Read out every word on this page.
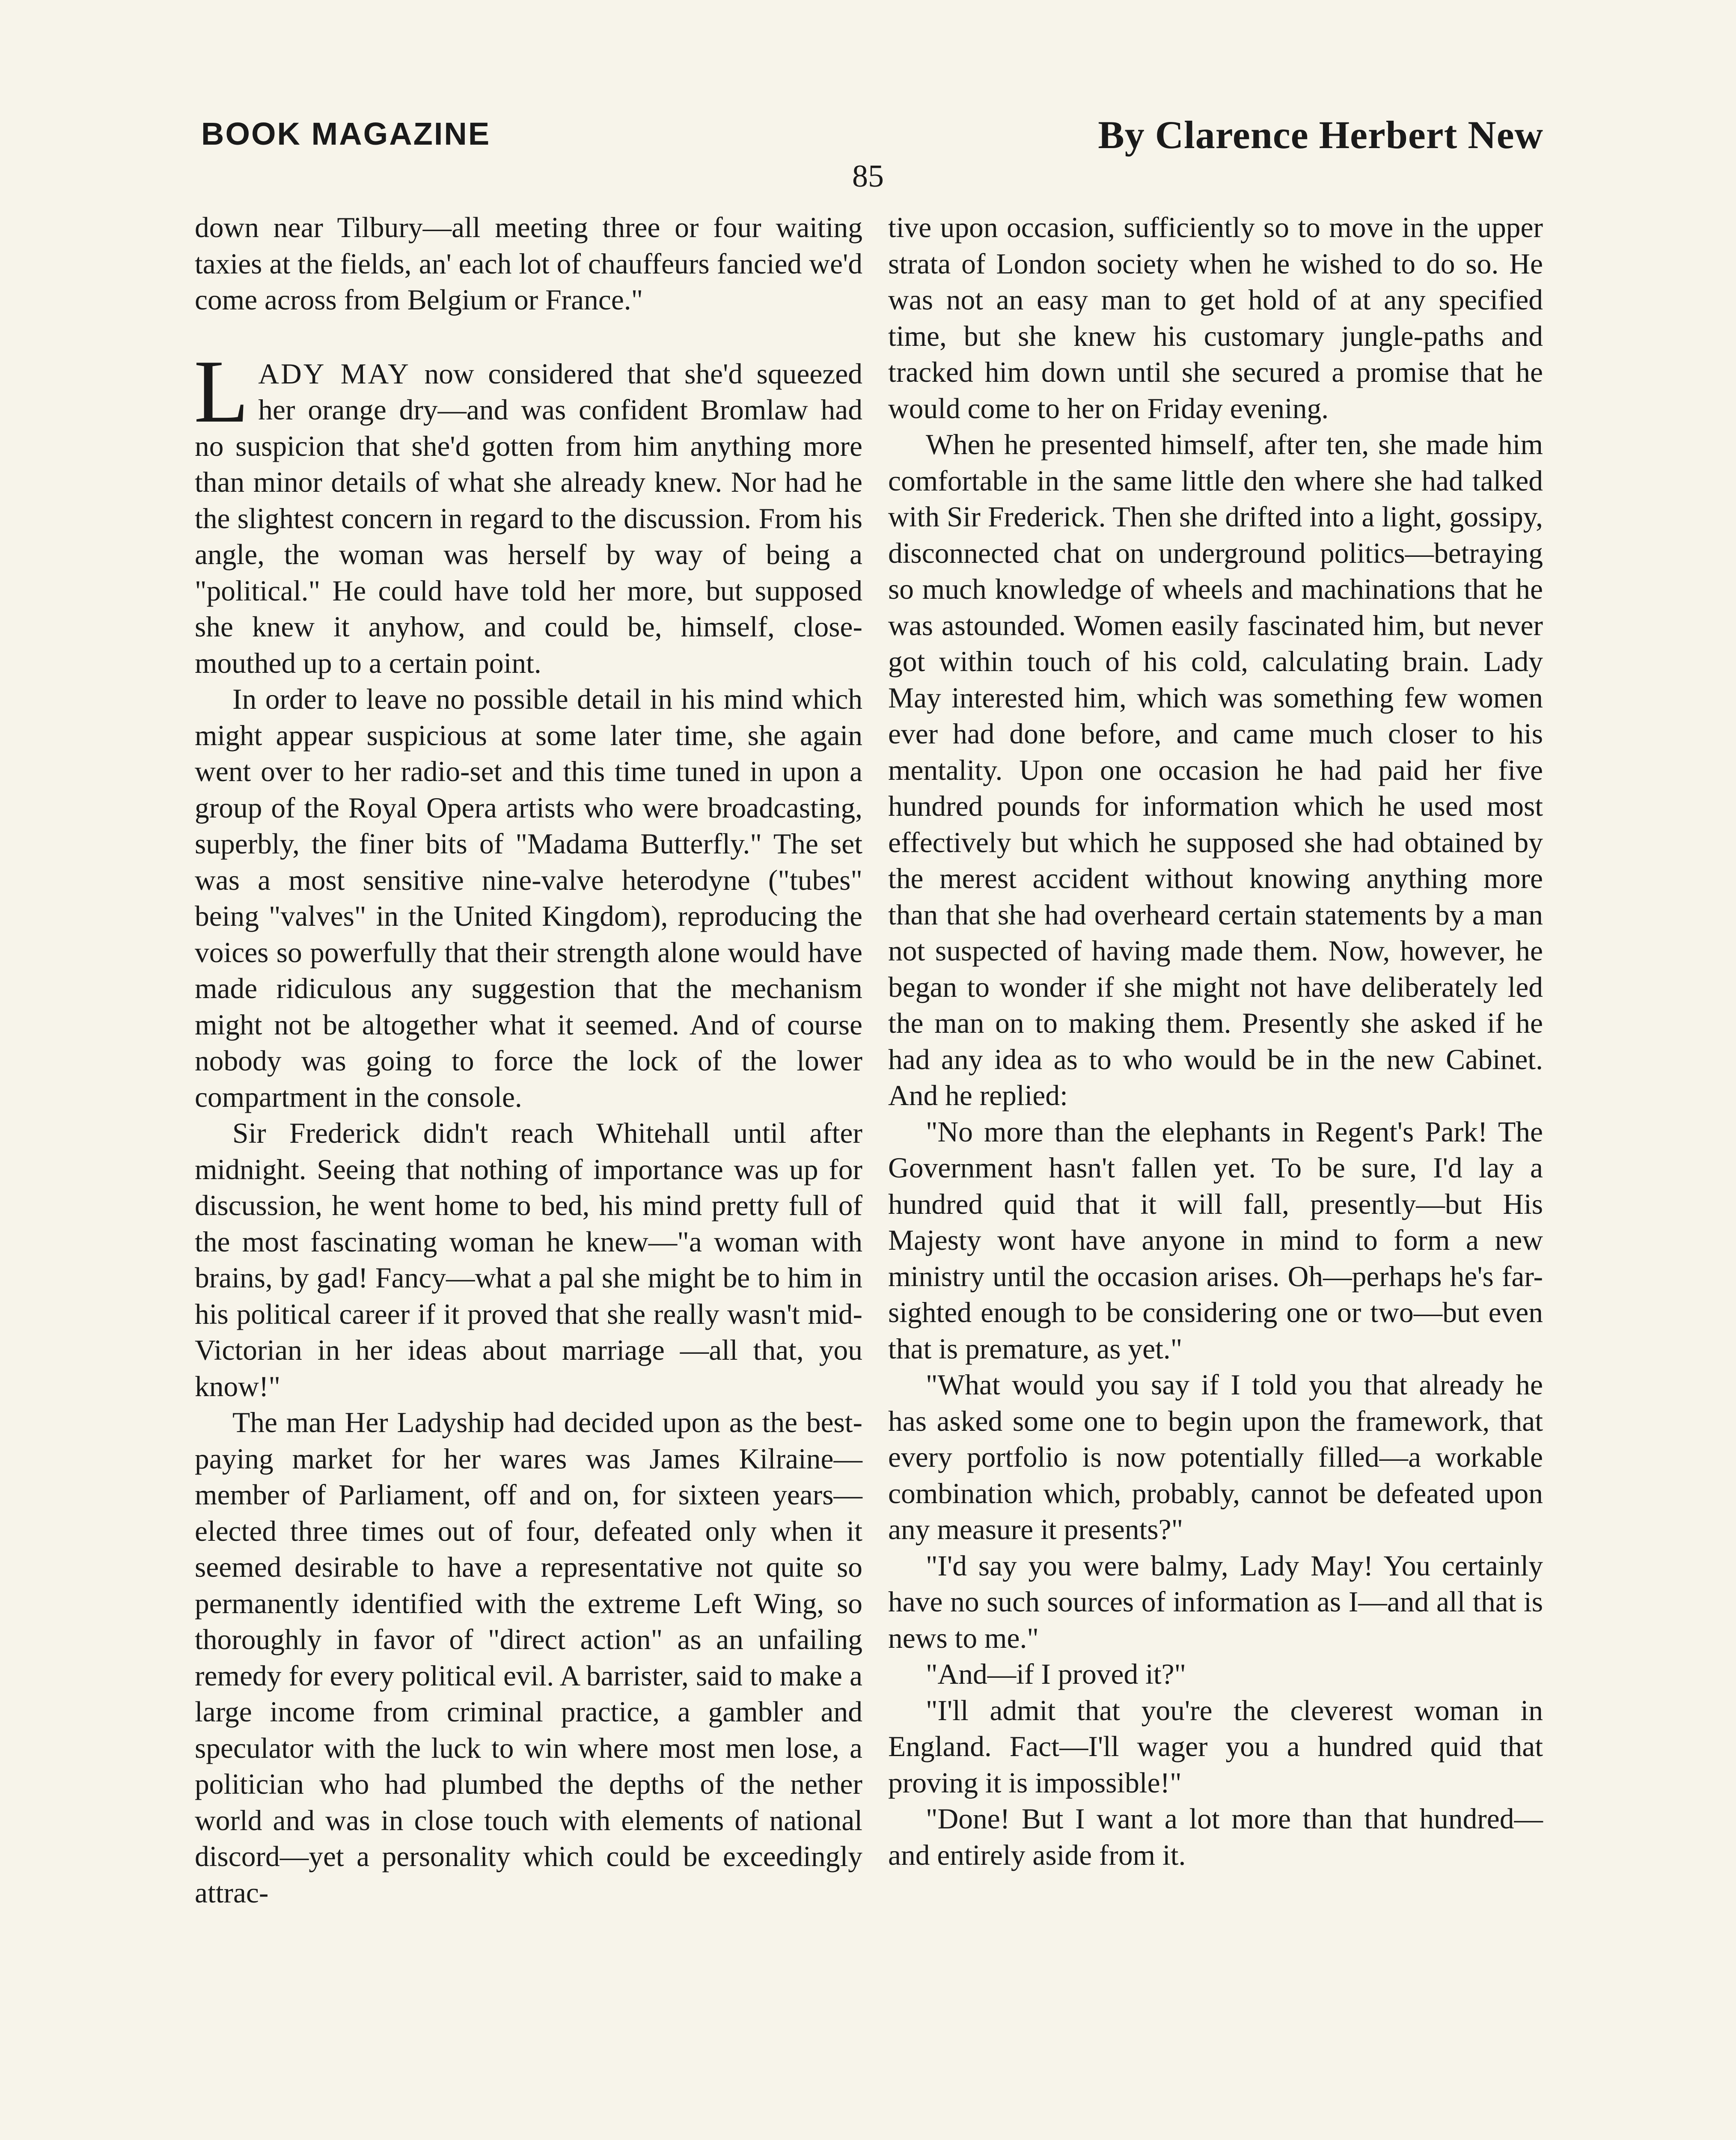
BOOK MAGAZINE	By Clarence Herbert New
85

down near Tilbury—all meeting three or four waiting taxies at the fields, an' each lot of chauffeurs fancied we'd come across from Belgium or France."

LADY MAY now considered that she'd squeezed her orange dry—and was confident Bromlaw had no suspicion that she'd gotten from him anything more than minor details of what she already knew. Nor had he the slightest concern in regard to the discussion. From his angle, the woman was herself by way of being a "political." He could have told her more, but supposed she knew it anyhow, and could be, himself, close-mouthed up to a certain point.

In order to leave no possible detail in his mind which might appear suspicious at some later time, she again went over to her radio-set and this time tuned in upon a group of the Royal Opera artists who were broadcasting, superbly, the finer bits of "Madama Butterfly." The set was a most sensitive nine-valve heterodyne ("tubes" being "valves" in the United Kingdom), reproducing the voices so powerfully that their strength alone would have made ridiculous any suggestion that the mechanism might not be altogether what it seemed. And of course nobody was going to force the lock of the lower compartment in the console.

Sir Frederick didn't reach Whitehall until after midnight. Seeing that nothing of importance was up for discussion, he went home to bed, his mind pretty full of the most fascinating woman he knew—"a woman with brains, by gad! Fancy—what a pal she might be to him in his political career if it proved that she really wasn't mid-Victorian in her ideas about marriage —all that, you know!"

The man Her Ladyship had decided upon as the best-paying market for her wares was James Kilraine—member of Parliament, off and on, for sixteen years—elected three times out of four, defeated only when it seemed desirable to have a representative not quite so permanently identified with the extreme Left Wing, so thoroughly in favor of "direct action" as an unfailing remedy for every political evil. A barrister, said to make a large income from criminal practice, a gambler and speculator with the luck to win where most men lose, a politician who had plumbed the depths of the nether world and was in close touch with elements of national discord—yet a personality which could be exceedingly attrac-

tive upon occasion, sufficiently so to move in the upper strata of London society when he wished to do so. He was not an easy man to get hold of at any specified time, but she knew his customary jungle-paths and tracked him down until she secured a promise that he would come to her on Friday evening.

When he presented himself, after ten, she made him comfortable in the same little den where she had talked with Sir Frederick. Then she drifted into a light, gossipy, disconnected chat on underground politics—betraying so much knowledge of wheels and machinations that he was astounded. Women easily fascinated him, but never got within touch of his cold, calculating brain. Lady May interested him, which was something few women ever had done before, and came much closer to his mentality. Upon one occasion he had paid her five hundred pounds for information which he used most effectively but which he supposed she had obtained by the merest accident without knowing anything more than that she had overheard certain statements by a man not suspected of having made them. Now, however, he began to wonder if she might not have deliberately led the man on to making them. Presently she asked if he had any idea as to who would be in the new Cabinet. And he replied:

"No more than the elephants in Regent's Park! The Government hasn't fallen yet. To be sure, I'd lay a hundred quid that it will fall, presently—but His Majesty wont have anyone in mind to form a new ministry until the occasion arises. Oh—perhaps he's far-sighted enough to be considering one or two—but even that is premature, as yet."

"What would you say if I told you that already he has asked some one to begin upon the framework, that every portfolio is now potentially filled—a workable combination which, probably, cannot be defeated upon any measure it presents?"

"I'd say you were balmy, Lady May! You certainly have no such sources of information as I—and all that is news to me."

"And—if I proved it?"

"I'll admit that you're the cleverest woman in England. Fact—I'll wager you a hundred quid that proving it is impossible!"

"Done! But I want a lot more than that hundred—and entirely aside from it.
